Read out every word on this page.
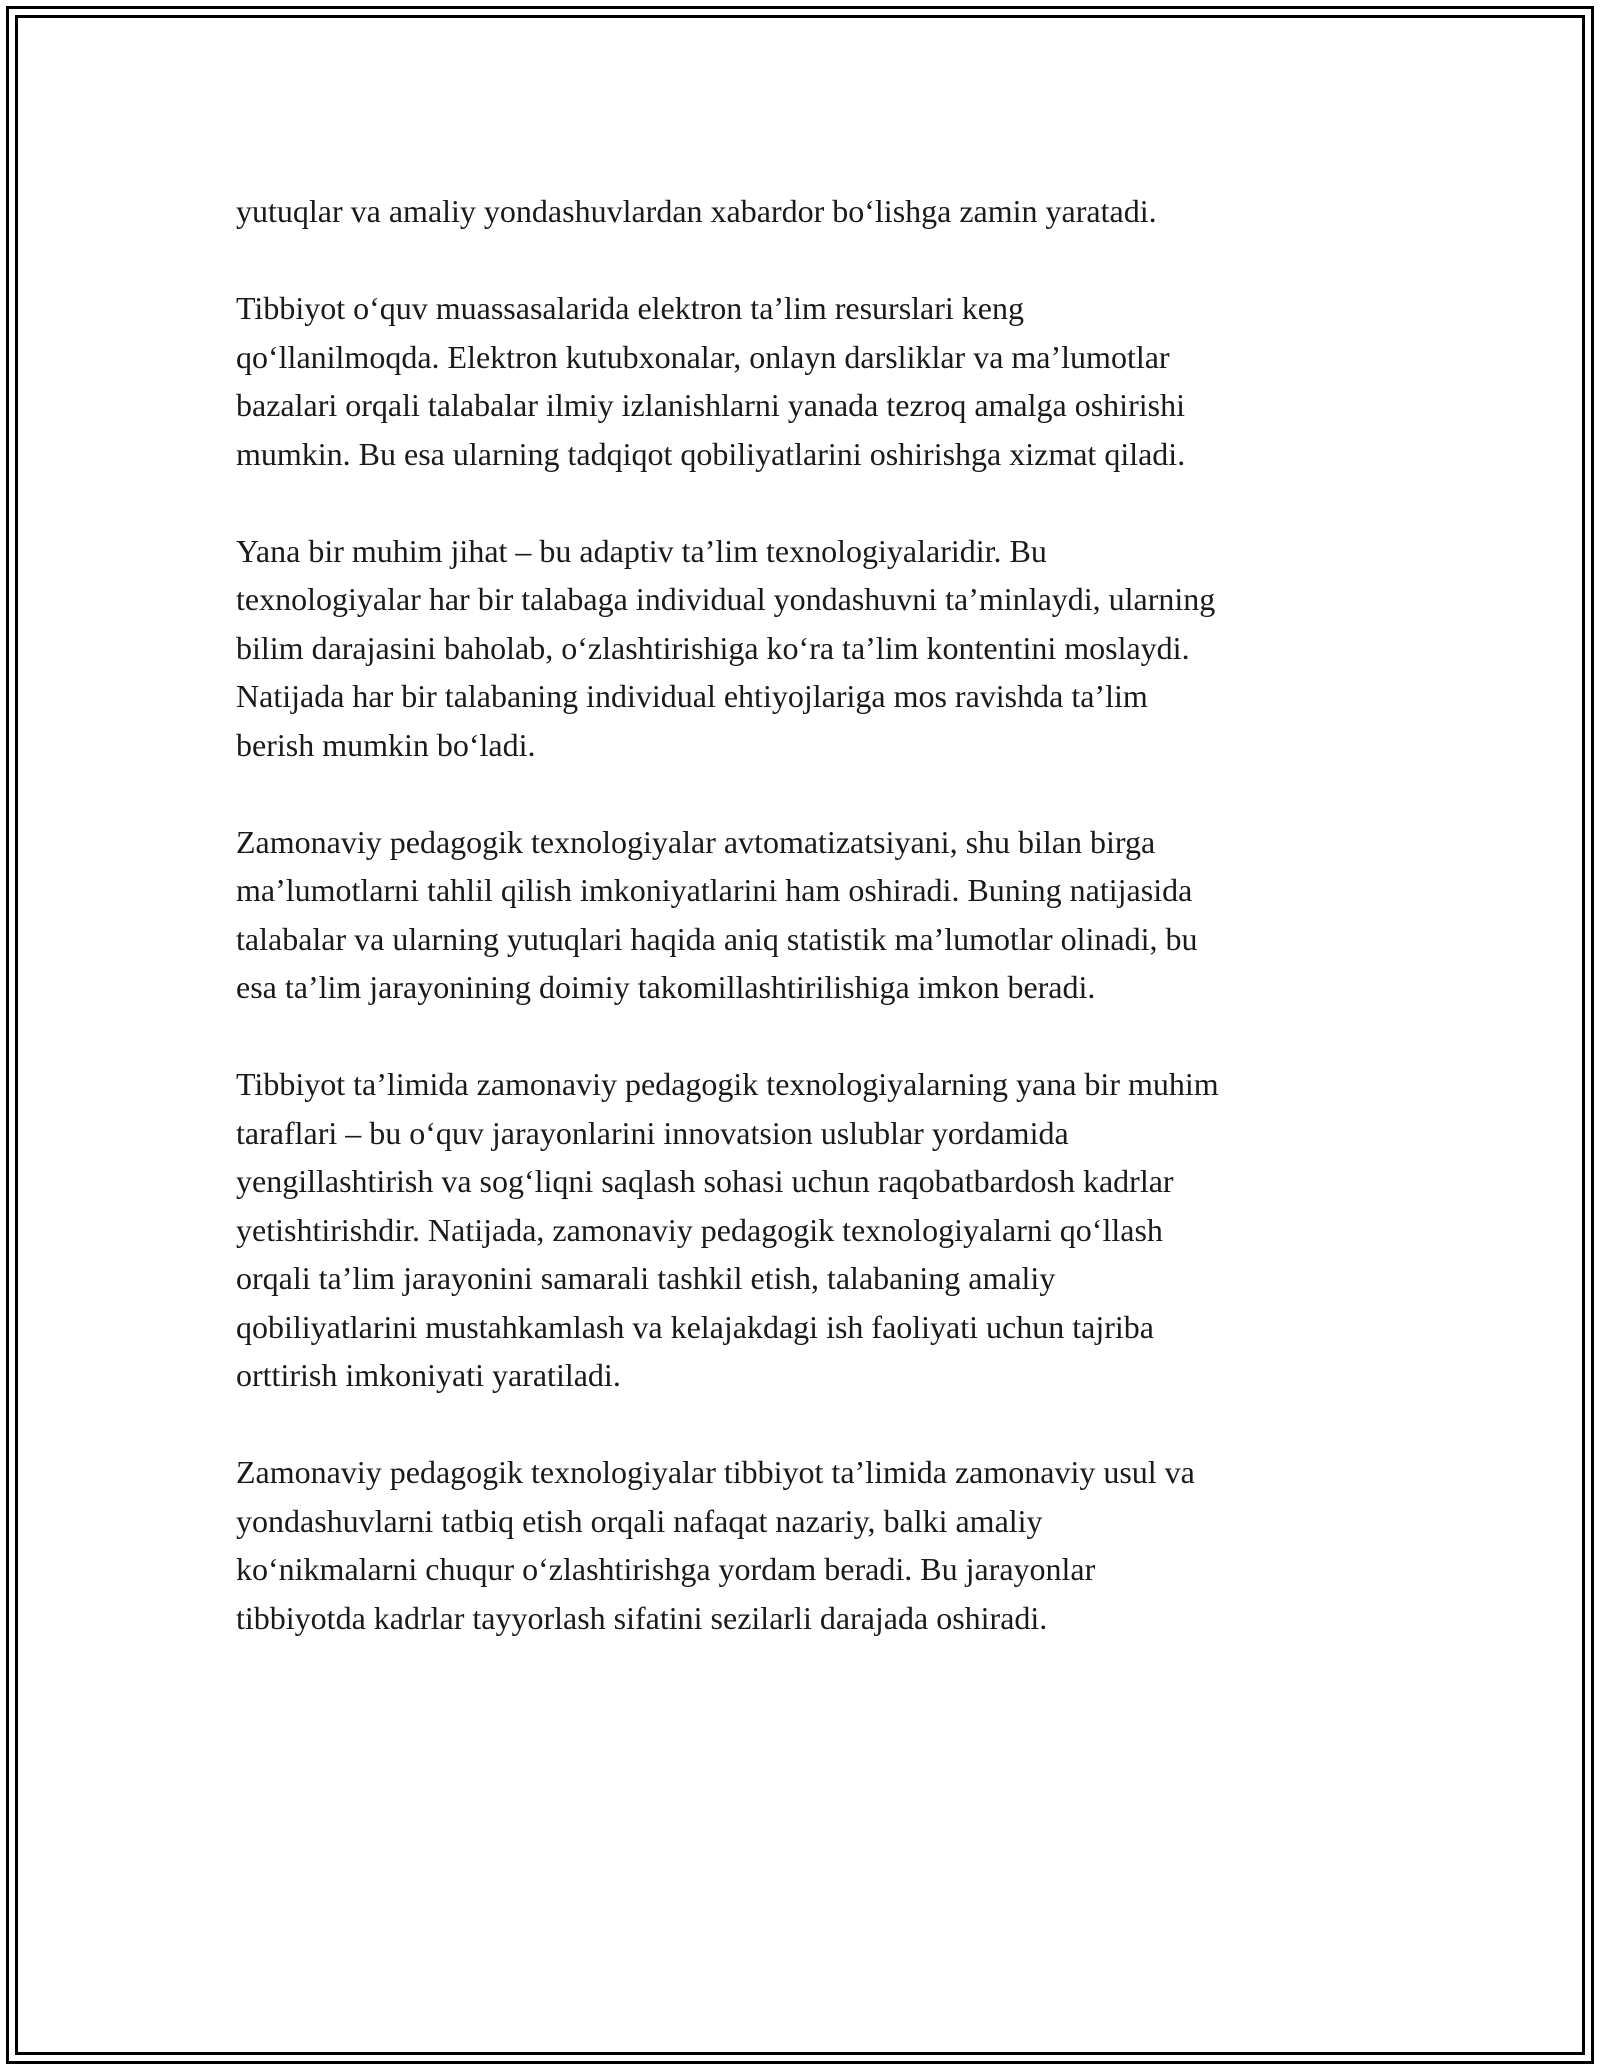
yutuqlar va amaliy yondashuvlardan xabardor bo‘lishga zamin yaratadi.
Tibbiyot o‘quv muassasalarida elektron ta’lim resurslari keng
qo‘llanilmoqda. Elektron kutubxonalar, onlayn darsliklar va ma’lumotlar
bazalari orqali talabalar ilmiy izlanishlarni yanada tezroq amalga oshirishi
mumkin. Bu esa ularning tadqiqot qobiliyatlarini oshirishga xizmat qiladi.
Yana bir muhim jihat – bu adaptiv ta’lim texnologiyalaridir. Bu
texnologiyalar har bir talabaga individual yondashuvni ta’minlaydi, ularning
bilim darajasini baholab, o‘zlashtirishiga ko‘ra ta’lim kontentini moslaydi.
Natijada har bir talabaning individual ehtiyojlariga mos ravishda ta’lim
berish mumkin bo‘ladi.
Zamonaviy pedagogik texnologiyalar avtomatizatsiyani, shu bilan birga
ma’lumotlarni tahlil qilish imkoniyatlarini ham oshiradi. Buning natijasida
talabalar va ularning yutuqlari haqida aniq statistik ma’lumotlar olinadi, bu
esa ta’lim jarayonining doimiy takomillashtirilishiga imkon beradi.
Tibbiyot ta’limida zamonaviy pedagogik texnologiyalarning yana bir muhim
taraflari – bu o‘quv jarayonlarini innovatsion uslublar yordamida
yengillashtirish va sog‘liqni saqlash sohasi uchun raqobatbardosh kadrlar
yetishtirishdir. Natijada, zamonaviy pedagogik texnologiyalarni qo‘llash
orqali ta’lim jarayonini samarali tashkil etish, talabaning amaliy
qobiliyatlarini mustahkamlash va kelajakdagi ish faoliyati uchun tajriba
orttirish imkoniyati yaratiladi.
Zamonaviy pedagogik texnologiyalar tibbiyot ta’limida zamonaviy usul va
yondashuvlarni tatbiq etish orqali nafaqat nazariy, balki amaliy
ko‘nikmalarni chuqur o‘zlashtirishga yordam beradi. Bu jarayonlar
tibbiyotda kadrlar tayyorlash sifatini sezilarli darajada oshiradi.
